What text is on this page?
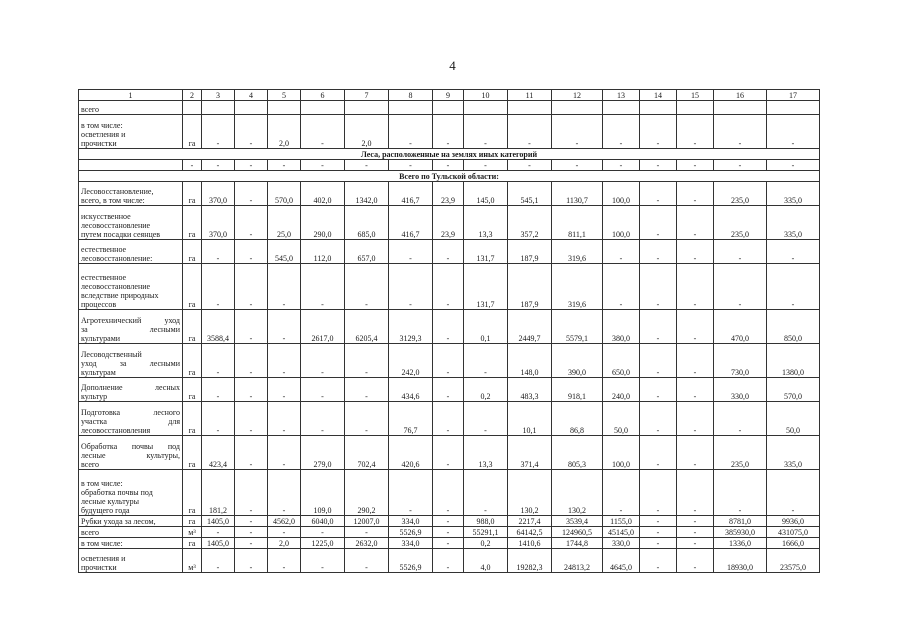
4
1	2	3	4	5	6	7	8	9	10	11	12	13	14	15	16	17

всего																

в том числе:
осветления и
прочистки	га	-	-	2,0	-	2,0	-	-	-	-	-	-	-	-	-	-
Леса, расположенные на землях иных категорий																
	-	-	-	-	-	-	-	-	-	-	-	-	-	-	-	-
Всего по Тульской области:																

Лесовосстановление,
всего, в том числе:	га	370,0	-	570,0	402,0	1342,0	416,7	23,9	145,0	545,1	1130,7	100,0	-	-	235,0	335,0

искусственное
лесовосстановление
путем посадки сеянцев	га	370,0	-	25,0	290,0	685,0	416,7	23,9	13,3	357,2	811,1	100,0	-	-	235,0	335,0

естественное
лесовосстановление:	га	-	-	545,0	112,0	657,0	-	-	131,7	187,9	319,6	-	-	-	-	-

естественное
лесовосстановление
вследствие природных
процессов	га	-	-	-	-	-	-	-	131,7	187,9	319,6	-	-	-	-	-

Агротехнический уход
за лесными
культурами	га	3588,4	-	-	2617,0	6205,4	3129,3	-	0,1	2449,7	5579,1	380,0	-	-	470,0	850,0

Лесоводственный
уход за лесными
культурам	га	-	-	-	-	-	242,0	-	-	148,0	390,0	650,0	-	-	730,0	1380,0

Дополнение лесных
культур	га	-	-	-	-	-	434,6	-	0,2	483,3	918,1	240,0	-	-	330,0	570,0

Подготовка лесного
участка для
лесовосстановления	га	-	-	-	-	-	76,7	-	-	10,1	86,8	50,0	-	-	-	50,0

Обработка почвы под
лесные культуры,
всего	га	423,4	-	-	279,0	702,4	420,6	-	13,3	371,4	805,3	100,0	-	-	235,0	335,0

в том числе:
обработка почвы под
лесные культуры
будущего года	га	181,2	-	-	109,0	290,2	-	-	-	130,2	130,2	-	-	-	-	-

Рубки ухода за лесом,	га	1405,0	-	4562,0	6040,0	12007,0	334,0	-	988,0	2217,4	3539,4	1155,0	-	-	8781,0	9936,0

всего	м³	-	-	-	-	-	5526,9	-	55291,1	64142,5	124960,5	45145,0	-	-	385930,0	431075,0

в том числе:	га	1405,0	-	2,0	1225,0	2632,0	334,0	-	0,2	1410,6	1744,8	330,0	-	-	1336,0	1666,0

осветления и
прочистки	м³	-	-	-	-	-	5526,9	-	4,0	19282,3	24813,2	4645,0	-	-	18930,0	23575,0
